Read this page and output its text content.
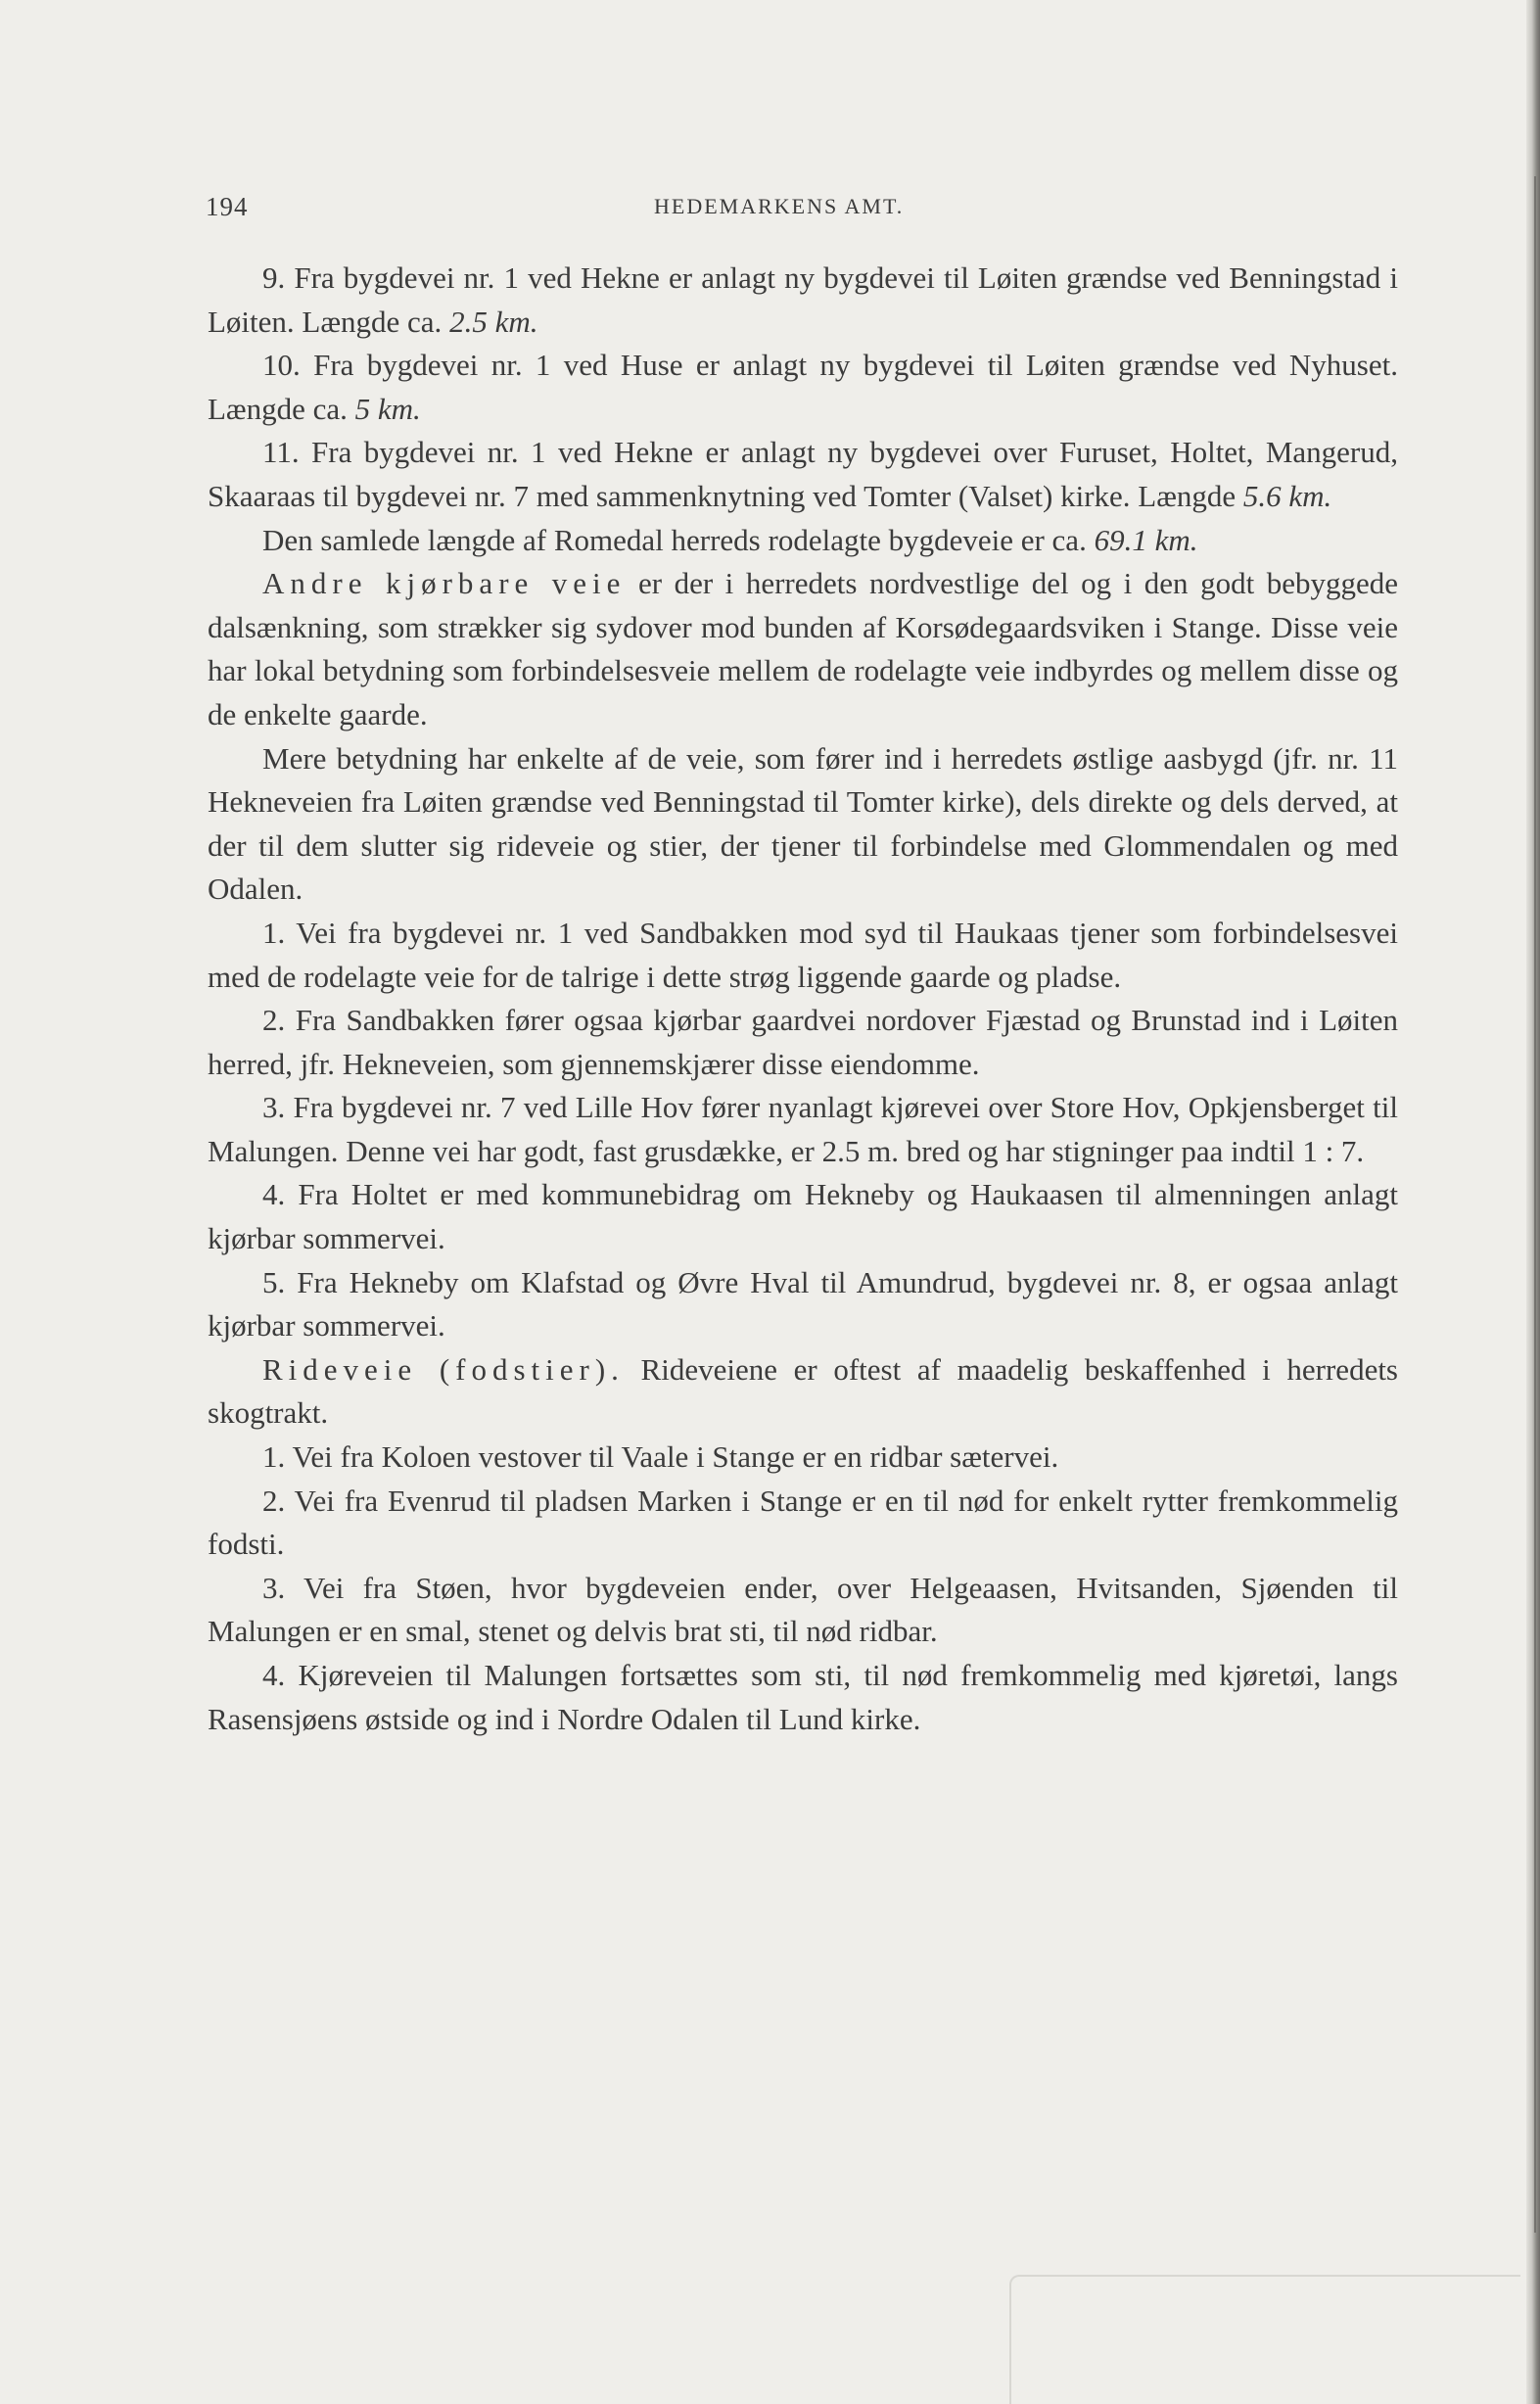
194	HEDEMARKENS AMT.

9. Fra bygdevei nr. 1 ved Hekne er anlagt ny bygdevei til Løiten grændse ved Benningstad i Løiten. Længde ca. 2.5 km.

10. Fra bygdevei nr. 1 ved Huse er anlagt ny bygdevei til Løiten grændse ved Nyhuset. Længde ca. 5 km.

11. Fra bygdevei nr. 1 ved Hekne er anlagt ny bygdevei over Furuset, Holtet, Mangerud, Skaaraas til bygdevei nr. 7 med sammenknytning ved Tomter (Valset) kirke. Længde 5.6 km.

Den samlede længde af Romedal herreds rodelagte bygdeveie er ca. 69.1 km.

Andre kjørbare veie er der i herredets nordvestlige del og i den godt bebyggede dalsænkning, som strækker sig sydover mod bunden af Korsødegaardsviken i Stange. Disse veie har lokal betydning som forbindelsesveie mellem de rodelagte veie indbyrdes og mellem disse og de enkelte gaarde.

Mere betydning har enkelte af de veie, som fører ind i herredets østlige aasbygd (jfr. nr. 11 Hekneveien fra Løiten grændse ved Benningstad til Tomter kirke), dels direkte og dels derved, at der til dem slutter sig rideveie og stier, der tjener til forbindelse med Glommendalen og med Odalen.

1. Vei fra bygdevei nr. 1 ved Sandbakken mod syd til Haukaas tjener som forbindelsesvei med de rodelagte veie for de talrige i dette strøg liggende gaarde og pladse.

2. Fra Sandbakken fører ogsaa kjørbar gaardvei nordover Fjæstad og Brunstad ind i Løiten herred, jfr. Hekneveien, som gjennemskjærer disse eiendomme.

3. Fra bygdevei nr. 7 ved Lille Hov fører nyanlagt kjørevei over Store Hov, Opkjensberget til Malungen. Denne vei har godt, fast grusdække, er 2.5 m. bred og har stigninger paa indtil 1 : 7.

4. Fra Holtet er med kommunebidrag om Hekneby og Haukaasen til almenningen anlagt kjørbar sommervei.

5. Fra Hekneby om Klafstad og Øvre Hval til Amundrud, bygdevei nr. 8, er ogsaa anlagt kjørbar sommervei.

Rideveie (fodstier). Rideveiene er oftest af maadelig beskaffenhed i herredets skogtrakt.

1. Vei fra Koloen vestover til Vaale i Stange er en ridbar sætervei.

2. Vei fra Evenrud til pladsen Marken i Stange er en til nød for enkelt rytter fremkommelig fodsti.

3. Vei fra Støen, hvor bygdeveien ender, over Helgeaasen, Hvitsanden, Sjøenden til Malungen er en smal, stenet og delvis brat sti, til nød ridbar.

4. Kjøreveien til Malungen fortsættes som sti, til nød fremkommelig med kjøretøi, langs Rasensjøens østside og ind i Nordre Odalen til Lund kirke.
